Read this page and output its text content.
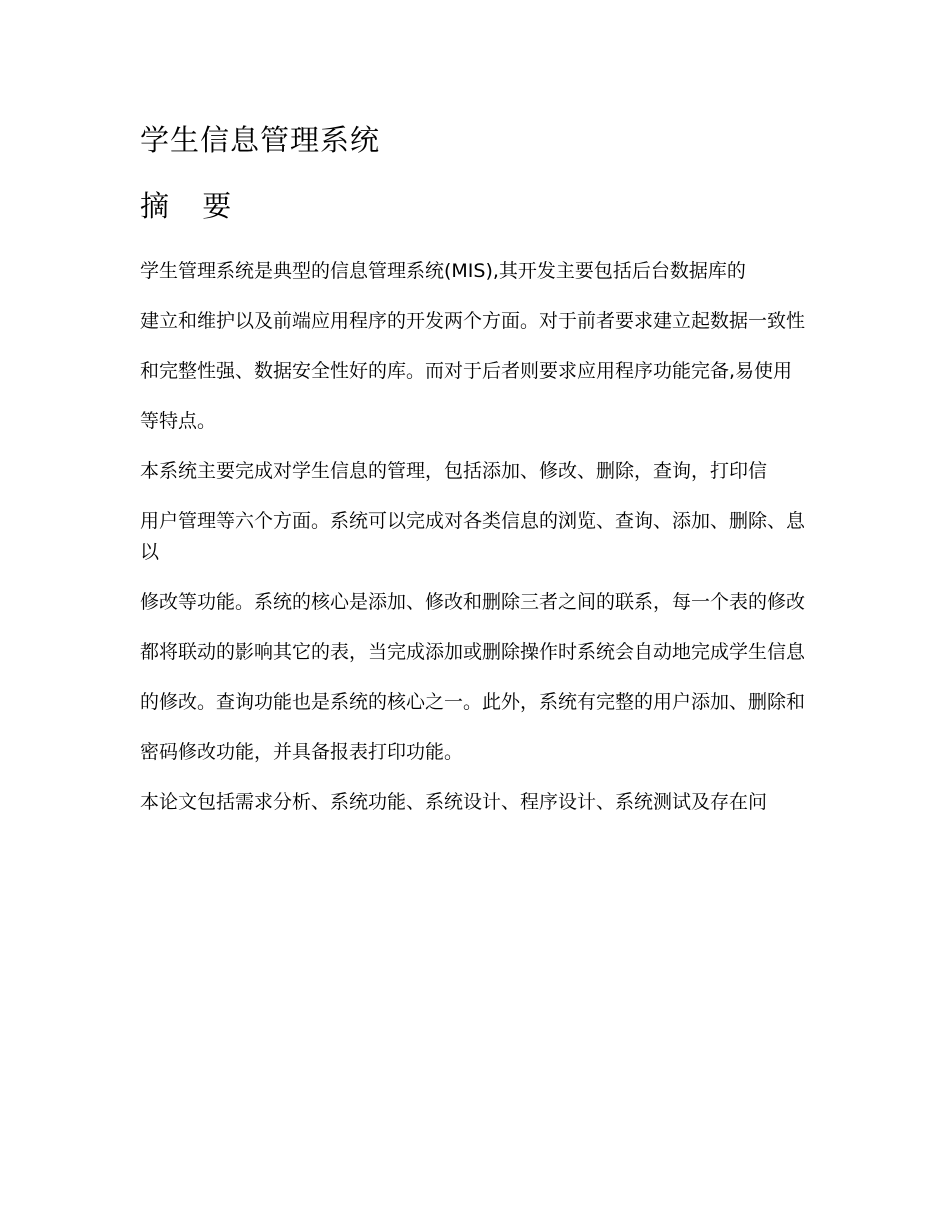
学生信息管理系统
摘 要

学生管理系统是典型的信息管理系统(MIS),其开发主要包括后台数据库的

建立和维护以及前端应用程序的开发两个方面。对于前者要求建立起数据一致性

和完整性强、数据安全性好的库。而对于后者则要求应用程序功能完备,易使用

等特点。

本系统主要完成对学生信息的管理，包括添加、修改、删除，查询，打印信

用户管理等六个方面。系统可以完成对各类信息的浏览、查询、添加、删除、息以

修改等功能。系统的核心是添加、修改和删除三者之间的联系，每一个表的修改

都将联动的影响其它的表，当完成添加或删除操作时系统会自动地完成学生信息

的修改。查询功能也是系统的核心之一。此外，系统有完整的用户添加、删除和

密码修改功能，并具备报表打印功能。

本论文包括需求分析、系统功能、系统设计、程序设计、系统测试及存在问
